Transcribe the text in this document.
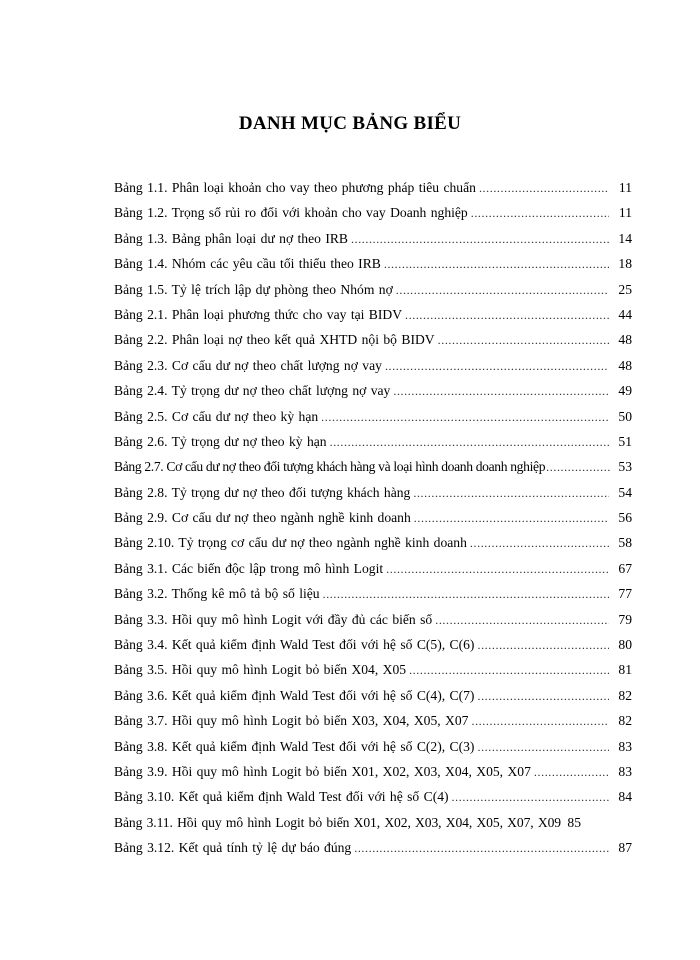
DANH MỤC BẢNG BIỂU
Bảng 1.1. Phân loại khoản cho vay theo phương pháp tiêu chuẩn .....	11
Bảng 1.2. Trọng số rủi ro đối với khoản cho vay Doanh nghiệp .....	11
Bảng 1.3. Bảng phân loại dư nợ theo IRB .....	14
Bảng 1.4. Nhóm các yêu cầu tối thiểu theo IRB .....	18
Bảng 1.5. Tỷ lệ trích lập dự phòng theo Nhóm nợ .....	25
Bảng 2.1. Phân loại phương thức cho vay tại BIDV .....	44
Bảng 2.2. Phân loại nợ theo kết quả XHTD nội bộ BIDV .....	48
Bảng 2.3. Cơ cấu dư nợ theo chất lượng nợ vay .....	48
Bảng 2.4. Tỷ trọng dư nợ theo chất lượng nợ vay .....	49
Bảng 2.5. Cơ cấu dư nợ theo kỳ hạn .....	50
Bảng 2.6. Tỷ trọng dư nợ theo kỳ hạn .....	51
Bảng 2.7. Cơ cấu dư nợ theo đối tượng khách hàng và loại hình doanh doanh nghiệp .....	53
Bảng 2.8. Tỷ trọng dư nợ theo đối tượng khách hàng .....	54
Bảng 2.9. Cơ cấu dư nợ theo ngành nghề kinh doanh .....	56
Bảng 2.10. Tỷ trọng cơ cấu dư nợ theo ngành nghề kinh doanh .....	58
Bảng 3.1. Các biến độc lập trong mô hình Logit .....	67
Bảng 3.2. Thống kê mô tả bộ số liệu .....	77
Bảng 3.3. Hồi quy mô hình Logit với đầy đủ các biến số .....	79
Bảng 3.4. Kết quả kiểm định Wald Test đối với hệ số C(5), C(6) .....	80
Bảng 3.5. Hồi quy mô hình Logit bỏ biến X04, X05 .....	81
Bảng 3.6. Kết quả kiểm định Wald Test đối với hệ số C(4), C(7) .....	82
Bảng 3.7. Hồi quy mô hình Logit bỏ biến X03, X04, X05, X07 .....	82
Bảng 3.8. Kết quả kiểm định Wald Test đối với hệ số C(2), C(3) .....	83
Bảng 3.9. Hồi quy mô hình Logit bỏ biến X01, X02, X03, X04, X05, X07 .....	83
Bảng 3.10. Kết quả kiểm định Wald Test đối với hệ số C(4) .....	84
Bảng 3.11. Hồi quy mô hình Logit bỏ biến X01, X02, X03, X04, X05, X07, X09 85
Bảng 3.12. Kết quả tính tỷ lệ dự báo đúng .....	87
